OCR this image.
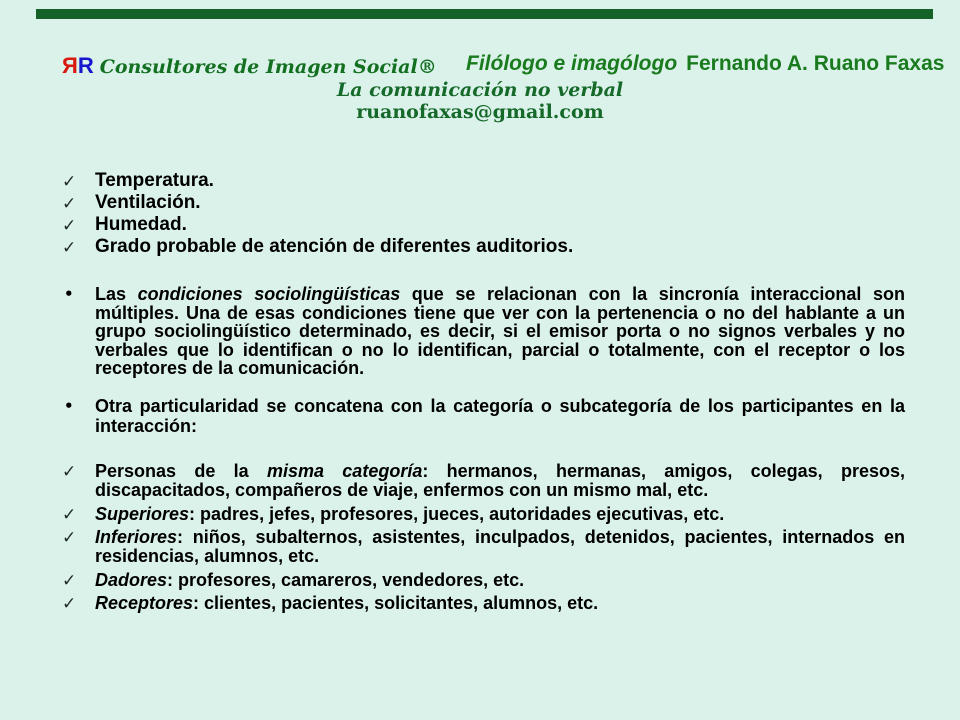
ЯR Consultores de Imagen Social® Filólogo e imagólogo Fernando A. Ruano Faxas
La comunicación no verbal
ruanofaxas@gmail.com
✓ Temperatura.
✓ Ventilación.
✓ Humedad.
✓ Grado probable de atención de diferentes auditorios.
• Las condiciones sociolingüísticas que se relacionan con la sincronía interaccional son
múltiples. Una de esas condiciones tiene que ver con la pertenencia o no del hablante a un
grupo sociolingüístico determinado, es decir, si el emisor porta o no signos verbales y no
verbales que lo identifican o no lo identifican, parcial o totalmente, con el receptor o los
receptores de la comunicación.
• Otra particularidad se concatena con la categoría o subcategoría de los participantes en la
interacción:
✓ Personas de la misma categoría: hermanos, hermanas, amigos, colegas, presos,
discapacitados, compañeros de viaje, enfermos con un mismo mal, etc.
✓ Superiores: padres, jefes, profesores, jueces, autoridades ejecutivas, etc.
✓ Inferiores: niños, subalternos, asistentes, inculpados, detenidos, pacientes, internados en
residencias, alumnos, etc.
✓ Dadores: profesores, camareros, vendedores, etc.
✓ Receptores: clientes, pacientes, solicitantes, alumnos, etc.
